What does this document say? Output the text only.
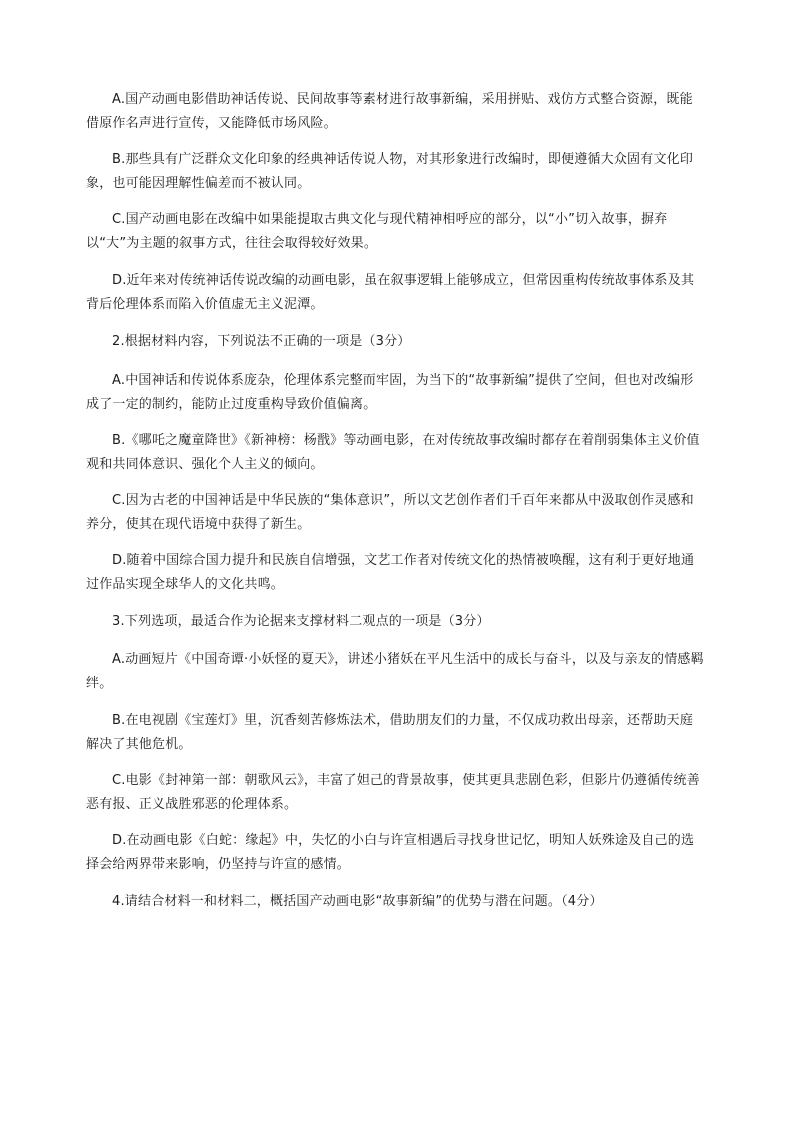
A.国产动画电影借助神话传说、民间故事等素材进行故事新编，采用拼贴、戏仿方式整合资源，既能借原作名声进行宣传，又能降低市场风险。

B.那些具有广泛群众文化印象的经典神话传说人物，对其形象进行改编时，即便遵循大众固有文化印象，也可能因理解性偏差而不被认同。

C.国产动画电影在改编中如果能提取古典文化与现代精神相呼应的部分，以“小”切入故事，摒弃以“大”为主题的叙事方式，往往会取得较好效果。

D.近年来对传统神话传说改编的动画电影，虽在叙事逻辑上能够成立，但常因重构传统故事体系及其背后伦理体系而陷入价值虚无主义泥潭。

2.根据材料内容，下列说法不正确的一项是（3分）

A.中国神话和传说体系庞杂，伦理体系完整而牢固，为当下的“故事新编”提供了空间，但也对改编形成了一定的制约，能防止过度重构导致价值偏离。

B.《哪吒之魔童降世》《新神榜：杨戬》等动画电影，在对传统故事改编时都存在着削弱集体主义价值观和共同体意识、强化个人主义的倾向。

C.因为古老的中国神话是中华民族的“集体意识”，所以文艺创作者们千百年来都从中汲取创作灵感和养分，使其在现代语境中获得了新生。

D.随着中国综合国力提升和民族自信增强，文艺工作者对传统文化的热情被唤醒，这有利于更好地通过作品实现全球华人的文化共鸣。

3.下列选项，最适合作为论据来支撑材料二观点的一项是（3分）

A.动画短片《中国奇谭·小妖怪的夏天》，讲述小猪妖在平凡生活中的成长与奋斗，以及与亲友的情感羁绊。

B.在电视剧《宝莲灯》里，沉香刻苦修炼法术，借助朋友们的力量，不仅成功救出母亲，还帮助天庭解决了其他危机。

C.电影《封神第一部：朝歌风云》，丰富了妲己的背景故事，使其更具悲剧色彩，但影片仍遵循传统善恶有报、正义战胜邪恶的伦理体系。

D.在动画电影《白蛇：缘起》中，失忆的小白与许宣相遇后寻找身世记忆，明知人妖殊途及自己的选择会给两界带来影响，仍坚持与许宣的感情。

4.请结合材料一和材料二，概括国产动画电影“故事新编”的优势与潜在问题。（4分）
